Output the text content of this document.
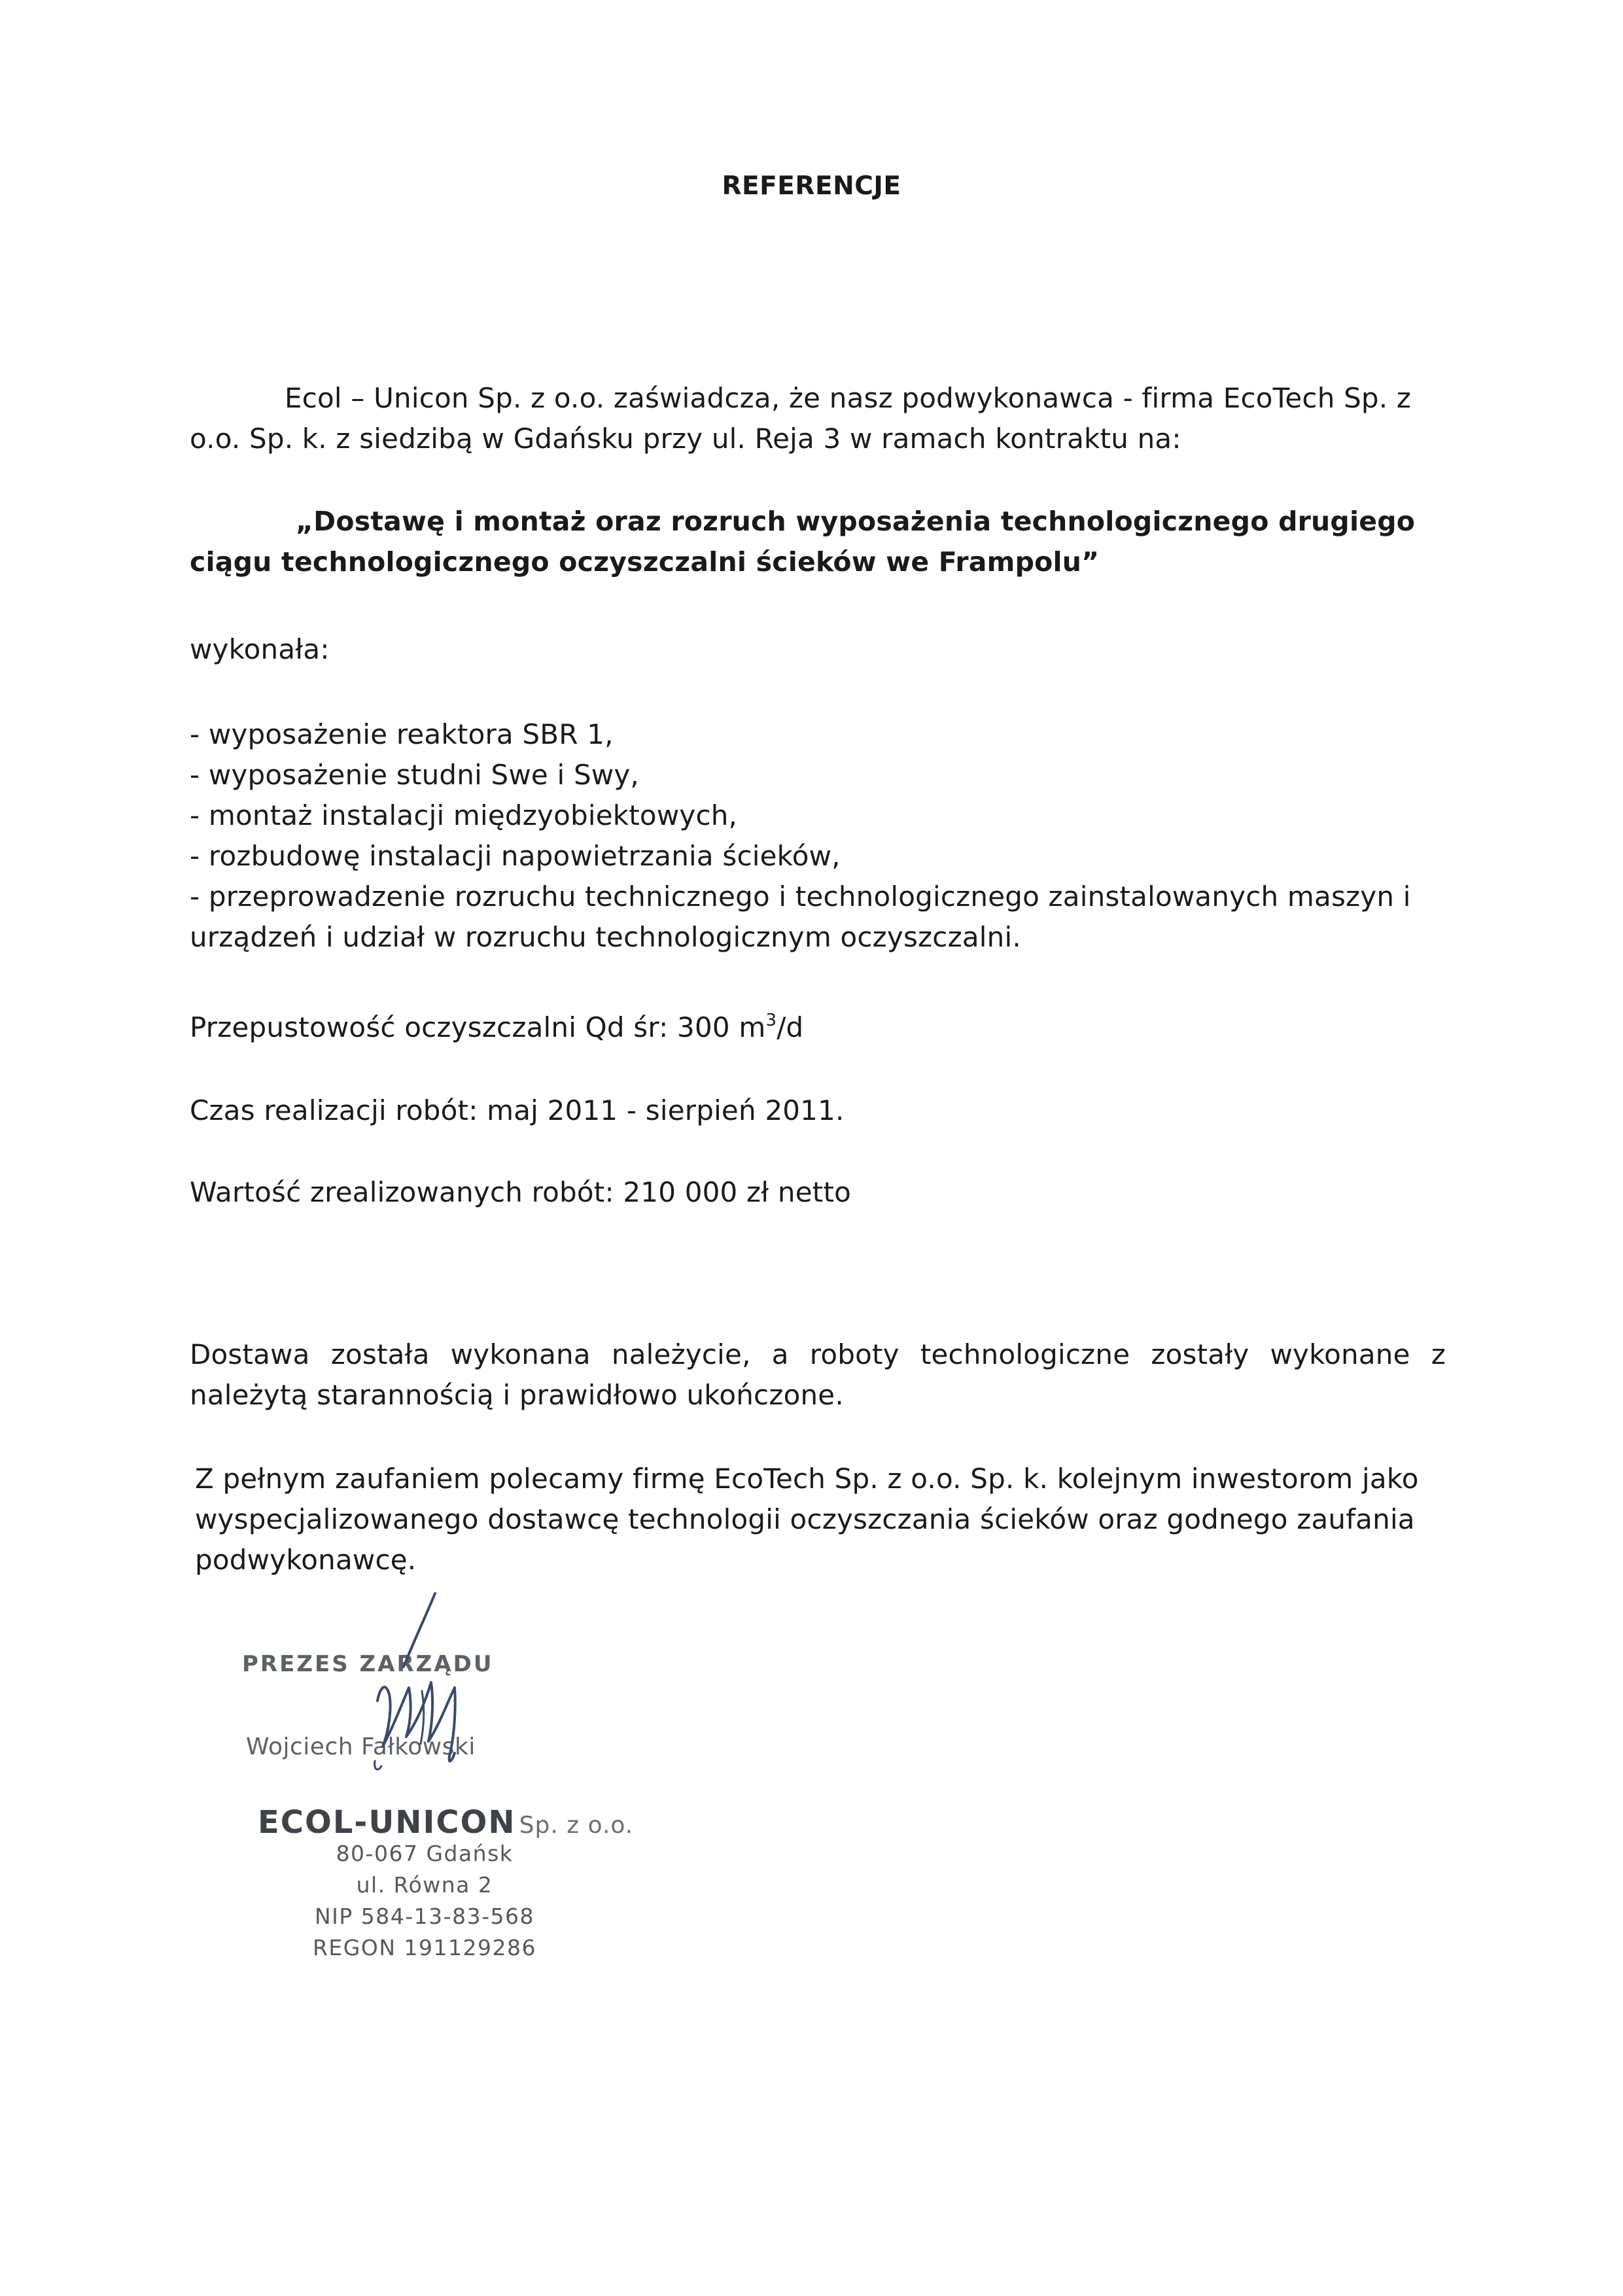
REFERENCJE

Ecol – Unicon Sp. z o.o. zaświadcza, że nasz podwykonawca - firma EcoTech Sp. z o.o. Sp. k. z siedzibą w Gdańsku przy ul. Reja 3 w ramach kontraktu na:

„Dostawę i montaż oraz rozruch wyposażenia technologicznego drugiego ciągu technologicznego oczyszczalni ścieków we Frampolu”

wykonała:

- wyposażenie reaktora SBR 1,
- wyposażenie studni Swe i Swy,
- montaż instalacji międzyobiektowych,
- rozbudowę instalacji napowietrzania ścieków,
- przeprowadzenie rozruchu technicznego i technologicznego zainstalowanych maszyn i urządzeń i udział w rozruchu technologicznym oczyszczalni.

Przepustowość oczyszczalni Qd śr: 300 $m^3/d$

Czas realizacji robót: maj 2011 - sierpień 2011.

Wartość zrealizowanych robót: 210 000 zł netto

Dostawa została wykonana należycie, a roboty technologiczne zostały wykonane z należytą starannością i prawidłowo ukończone.

Z pełnym zaufaniem polecamy firmę EcoTech Sp. z o.o. Sp. k. kolejnym inwestorom jako wyspecjalizowanego dostawcę technologii oczyszczania ścieków oraz godnego zaufania podwykonawcę.

PREZES ZARZĄDU
Wojciech Fałkowski
ECOL-UNICON Sp. z o.o.
80-067 Gdańsk
ul. Równa 2
NIP 584-13-83-568
REGON 191129286
